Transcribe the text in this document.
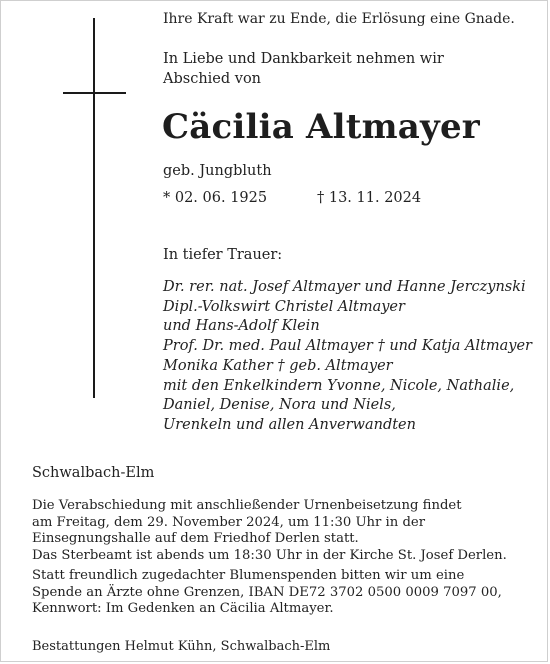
Ihre Kraft war zu Ende, die Erlösung eine Gnade.

In Liebe und Dankbarkeit nehmen wir

Abschied von

Cäcilia Altmayer

geb. Jungbluth

* 02. 06. 1925	† 13. 11. 2024

In tiefer Trauer:

Dr. rer. nat. Josef Altmayer und Hanne Jerczynski
Dipl.-Volkswirt Christel Altmayer
und Hans-Adolf Klein
Prof. Dr. med. Paul Altmayer † und Katja Altmayer
Monika Kather † geb. Altmayer
mit den Enkelkindern Yvonne, Nicole, Nathalie,
Daniel, Denise, Nora und Niels,
Urenkeln und allen Anverwandten

Schwalbach-Elm

Die Verabschiedung mit anschließender Urnenbeisetzung findet
am Freitag, dem 29. November 2024, um 11:30 Uhr in der
Einsegnungshalle auf dem Friedhof Derlen statt.
Das Sterbeamt ist abends um 18:30 Uhr in der Kirche St. Josef Derlen.
Statt freundlich zugedachter Blumenspenden bitten wir um eine
Spende an Ärzte ohne Grenzen, IBAN DE72 3702 0500 0009 7097 00,
Kennwort: Im Gedenken an Cäcilia Altmayer.

Bestattungen Helmut Kühn, Schwalbach-Elm
